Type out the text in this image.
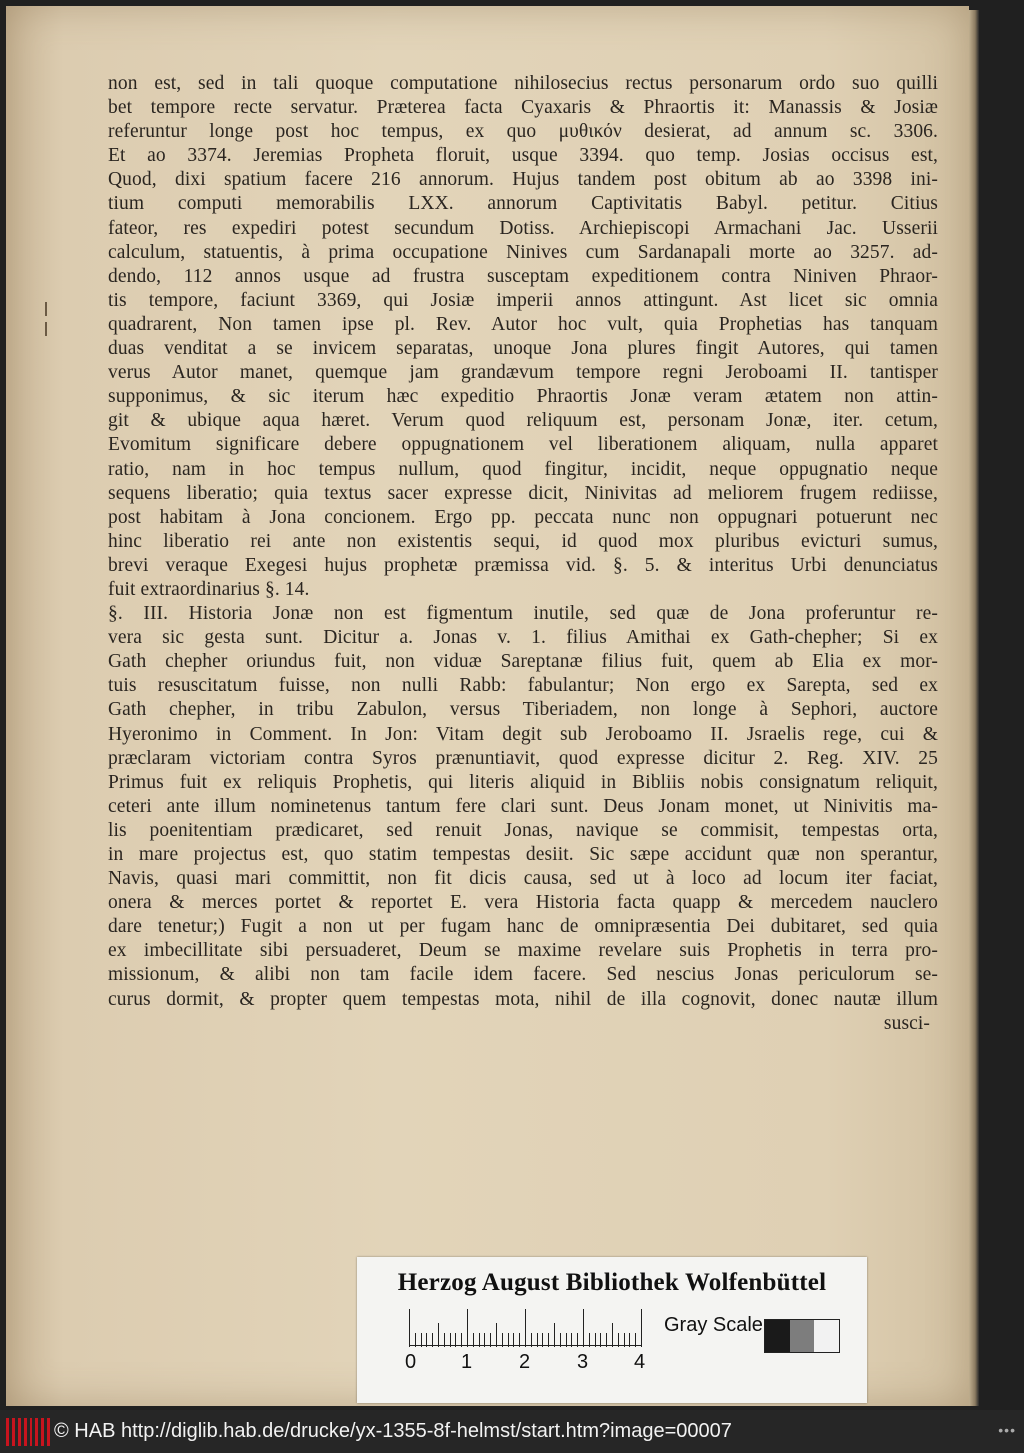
non est, sed in tali quoque computatione nihilosecius rectus personarum ordo suo quilli
bet tempore recte servatur. Præterea facta Cyaxaris & Phraortis it: Manassis & Josiæ
referuntur longe post hoc tempus, ex quo μυθικόν desierat, ad annum sc. 3306.
Et ao 3374. Jeremias Propheta floruit, usque 3394. quo temp. Josias occisus est,
Quod, dixi spatium facere 216 annorum. Hujus tandem post obitum ab ao 3398 ini-
tium computi memorabilis LXX. annorum Captivitatis Babyl. petitur. Citius
fateor, res expediri potest secundum Dotiss. Archiepiscopi Armachani Jac. Usserii
calculum, statuentis, à prima occupatione Ninives cum Sardanapali morte ao 3257. ad-
dendo, 112 annos usque ad frustra susceptam expeditionem contra Niniven Phraor-
tis tempore, faciunt 3369, qui Josiæ imperii annos attingunt. Ast licet sic omnia
quadrarent, Non tamen ipse pl. Rev. Autor hoc vult, quia Prophetias has tanquam
duas venditat a se invicem separatas, unoque Jona plures fingit Autores, qui tamen
verus Autor manet, quemque jam grandævum tempore regni Jeroboami II. tantisper
supponimus, & sic iterum hæc expeditio Phraortis Jonæ veram ætatem non attin-
git & ubique aqua hæret. Verum quod reliquum est, personam Jonæ, iter. cetum,
Evomitum significare debere oppugnationem vel liberationem aliquam, nulla apparet
ratio, nam in hoc tempus nullum, quod fingitur, incidit, neque oppugnatio neque
sequens liberatio; quia textus sacer expresse dicit, Ninivitas ad meliorem frugem rediisse,
post habitam à Jona concionem. Ergo pp. peccata nunc non oppugnari potuerunt nec
hinc liberatio rei ante non existentis sequi, id quod mox pluribus evicturi sumus,
brevi veraque Exegesi hujus prophetæ præmissa vid. §. 5. & interitus Urbi denunciatus
fuit extraordinarius §. 14.
§. III. Historia Jonæ non est figmentum inutile, sed quæ de Jona proferuntur re-
vera sic gesta sunt. Dicitur a. Jonas v. 1. filius Amithai ex Gath-chepher; Si ex
Gath chepher oriundus fuit, non viduæ Sareptanæ filius fuit, quem ab Elia ex mor-
tuis resuscitatum fuisse, non nulli Rabb: fabulantur; Non ergo ex Sarepta, sed ex
Gath chepher, in tribu Zabulon, versus Tiberiadem, non longe à Sephori, auctore
Hyeronimo in Comment. In Jon: Vitam degit sub Jeroboamo II. Jsraelis rege, cui &
præclaram victoriam contra Syros prænuntiavit, quod expresse dicitur 2. Reg. XIV. 25
Primus fuit ex reliquis Prophetis, qui literis aliquid in Bibliis nobis consignatum reliquit,
ceteri ante illum nominetenus tantum fere clari sunt. Deus Jonam monet, ut Ninivitis ma-
lis poenitentiam prædicaret, sed renuit Jonas, navique se commisit, tempestas orta,
in mare projectus est, quo statim tempestas desiit. Sic sæpe accidunt quæ non sperantur,
Navis, quasi mari committit, non fit dicis causa, sed ut à loco ad locum iter faciat,
onera & merces portet & reportet E. vera Historia facta quapp & mercedem nauclero
dare tenetur;) Fugit a non ut per fugam hanc de omnipræsentia Dei dubitaret, sed quia
ex imbecillitate sibi persuaderet, Deum se maxime revelare suis Prophetis in terra pro-
missionum, & alibi non tam facile idem facere. Sed nescius Jonas periculorum se-
curus dormit, & propter quem tempestas mota, nihil de illa cognovit, donec nautæ illum
susci-
Herzog August Bibliothek Wolfenbüttel
Gray Scale
0 1 2 3 4
© HAB http://diglib.hab.de/drucke/yx-1355-8f-helmst/start.htm?image=00007	•••
